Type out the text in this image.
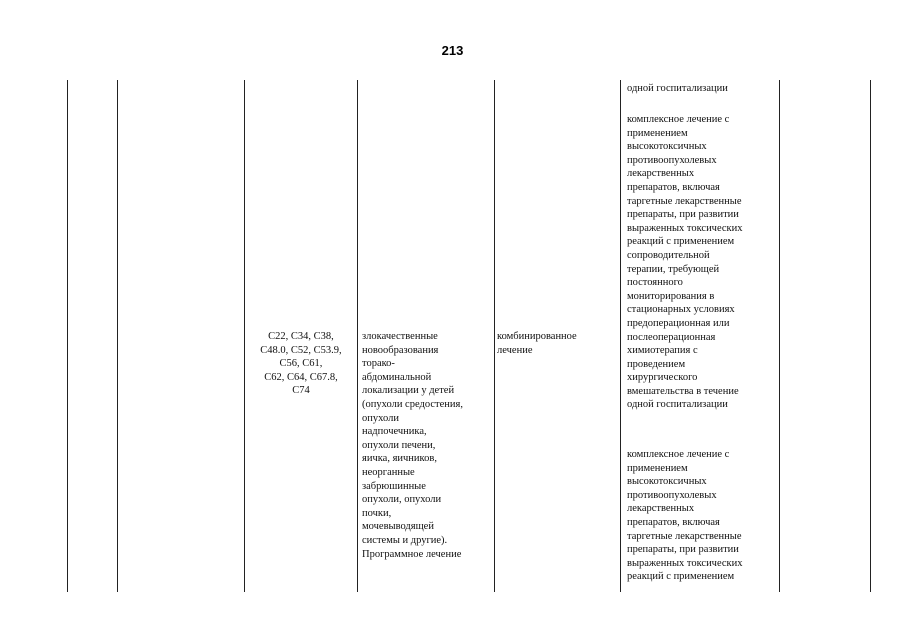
213
C22, C34, C38,
C48.0, C52, C53.9,
C56, C61,
C62, C64, C67.8,
C74
злокачественные
новообразования
торако-
абдоминальной
локализации у детей
(опухоли средостения,
опухоли
надпочечника,
опухоли печени,
яичка, яичников,
неорганные
забрюшинные
опухоли, опухоли
почки,
мочевыводящей
системы и другие).
Программное лечение
комбинированное
лечение
одной госпитализации
комплексное лечение с
применением
высокотоксичных
противоопухолевых
лекарственных
препаратов, включая
таргетные лекарственные
препараты, при развитии
выраженных токсических
реакций с применением
сопроводительной
терапии, требующей
постоянного
мониторирования в
стационарных условиях
предоперационная или
послеоперационная
химиотерапия с
проведением
хирургического
вмешательства в течение
одной госпитализации
комплексное лечение с
применением
высокотоксичных
противоопухолевых
лекарственных
препаратов, включая
таргетные лекарственные
препараты, при развитии
выраженных токсических
реакций с применением
